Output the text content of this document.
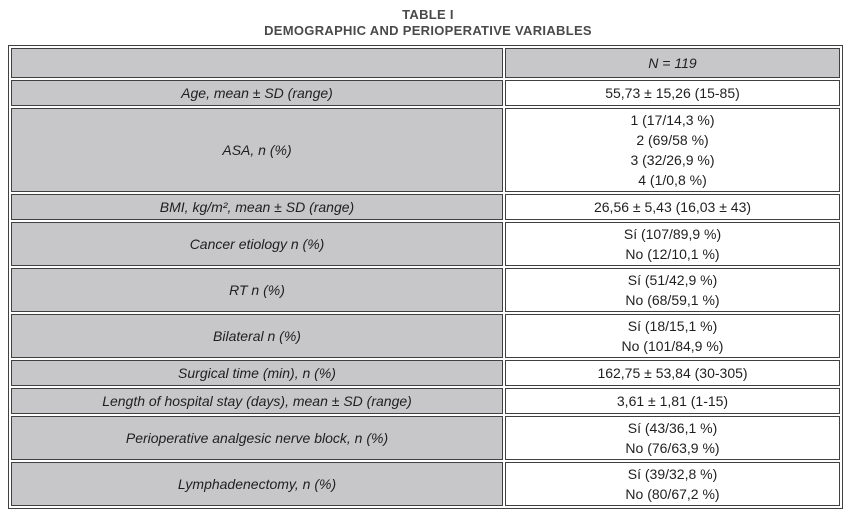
TABLE I
DEMOGRAPHIC AND PERIOPERATIVE VARIABLES
	N = 119
Age, mean ± SD (range)	55,73 ± 15,26 (15-85)

ASA, n (%)	1 (17/14,3 %)
2 (69/58 %)
3 (32/26,9 %)
4 (1/0,8 %)

BMI, kg/m², mean ± SD (range)	26,56 ± 5,43 (16,03 ± 43)

Cancer etiology n (%)	Sí (107/89,9 %)
No (12/10,1 %)

RT n (%)	Sí (51/42,9 %)
No (68/59,1 %)

Bilateral n (%)	Sí (18/15,1 %)
No (101/84,9 %)

Surgical time (min), n (%)	162,75 ± 53,84 (30-305)

Length of hospital stay (days), mean ± SD (range)	3,61 ± 1,81 (1-15)

Perioperative analgesic nerve block, n (%)	Sí (43/36,1 %)
No (76/63,9 %)

Lymphadenectomy, n (%)	Sí (39/32,8 %)
No (80/67,2 %)
